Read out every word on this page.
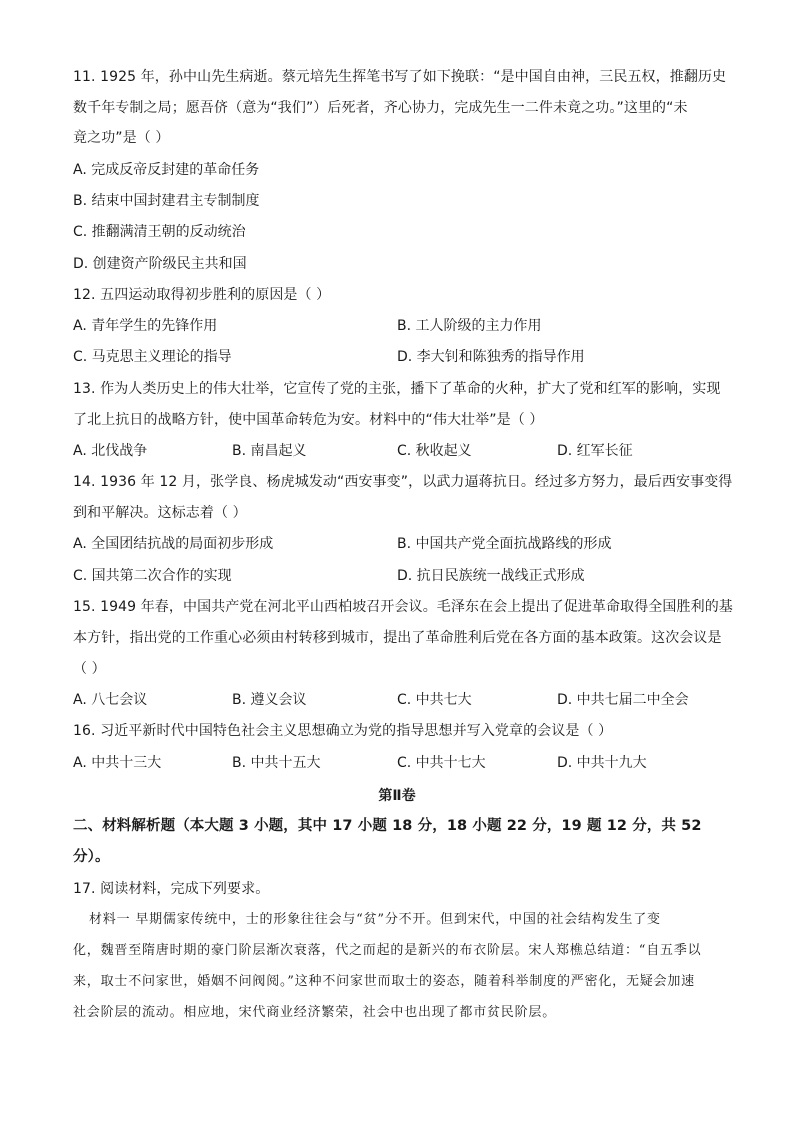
11. 1925 年，孙中山先生病逝。蔡元培先生挥笔书写了如下挽联：“是中国自由神，三民五权，推翻历史
数千年专制之局；愿吾侪（意为“我们”）后死者，齐心协力，完成先生一二件未竟之功。”这里的“未
竟之功”是（ ）
A. 完成反帝反封建的革命任务
B. 结束中国封建君主专制制度
C. 推翻满清王朝的反动统治
D. 创建资产阶级民主共和国
12. 五四运动取得初步胜利的原因是（ ）
A. 青年学生的先锋作用	B. 工人阶级的主力作用
C. 马克思主义理论的指导	D. 李大钊和陈独秀的指导作用
13. 作为人类历史上的伟大壮举，它宣传了党的主张，播下了革命的火种，扩大了党和红军的影响，实现
了北上抗日的战略方针，使中国革命转危为安。材料中的“伟大壮举”是（ ）
A. 北伐战争	B. 南昌起义	C. 秋收起义	D. 红军长征
14. 1936 年 12 月，张学良、杨虎城发动“西安事变”，以武力逼蒋抗日。经过多方努力，最后西安事变得
到和平解决。这标志着（ ）
A. 全国团结抗战的局面初步形成	B. 中国共产党全面抗战路线的形成
C. 国共第二次合作的实现	D. 抗日民族统一战线正式形成
15. 1949 年春，中国共产党在河北平山西柏坡召开会议。毛泽东在会上提出了促进革命取得全国胜利的基
本方针，指出党的工作重心必须由村转移到城市，提出了革命胜利后党在各方面的基本政策。这次会议是
（ ）
A. 八七会议	B. 遵义会议	C. 中共七大	D. 中共七届二中全会
16. 习近平新时代中国特色社会主义思想确立为党的指导思想并写入党章的会议是（ ）
A. 中共十三大	B. 中共十五大	C. 中共十七大	D. 中共十九大
第Ⅱ卷
二、材料解析题（本大题 3 小题，其中 17 小题 18 分，18 小题 22 分，19 题 12 分，共 52
分）。
17. 阅读材料，完成下列要求。
材料一 早期儒家传统中，士的形象往往会与“贫”分不开。但到宋代，中国的社会结构发生了变
化，魏晋至隋唐时期的豪门阶层渐次衰落，代之而起的是新兴的布衣阶层。宋人郑樵总结道：“自五季以
来，取士不问家世，婚姻不问阀阅。”这种不问家世而取士的姿态，随着科举制度的严密化，无疑会加速
社会阶层的流动。相应地，宋代商业经济繁荣，社会中也出现了都市贫民阶层。
